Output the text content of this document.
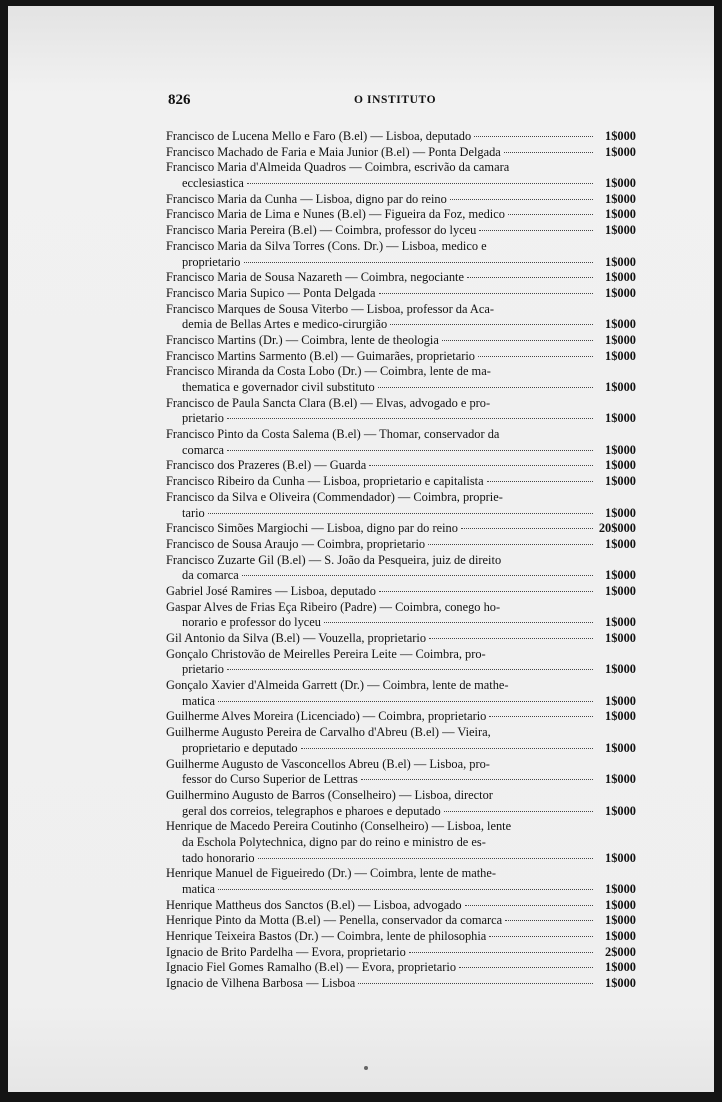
826	O INSTITUTO
Francisco de Lucena Mello e Faro (B.el) — Lisboa, deputado	1$000
Francisco Machado de Faria e Maia Junior (B.el) — Ponta Delgada	1$000
Francisco Maria d'Almeida Quadros — Coimbra, escrivão da camara
ecclesiastica	1$000
Francisco Maria da Cunha — Lisboa, digno par do reino	1$000
Francisco Maria de Lima e Nunes (B.el) — Figueira da Foz, medico	1$000
Francisco Maria Pereira (B.el) — Coimbra, professor do lyceu	1$000
Francisco Maria da Silva Torres (Cons. Dr.) — Lisboa, medico e
proprietario	1$000
Francisco Maria de Sousa Nazareth — Coimbra, negociante	1$000
Francisco Maria Supico — Ponta Delgada	1$000
Francisco Marques de Sousa Viterbo — Lisboa, professor da Aca-
demia de Bellas Artes e medico-cirurgião	1$000
Francisco Martins (Dr.) — Coimbra, lente de theologia	1$000
Francisco Martins Sarmento (B.el) — Guimarães, proprietario	1$000
Francisco Miranda da Costa Lobo (Dr.) — Coimbra, lente de ma-
thematica e governador civil substituto	1$000
Francisco de Paula Sancta Clara (B.el) — Elvas, advogado e pro-
prietario	1$000
Francisco Pinto da Costa Salema (B.el) — Thomar, conservador da
comarca	1$000
Francisco dos Prazeres (B.el) — Guarda	1$000
Francisco Ribeiro da Cunha — Lisboa, proprietario e capitalista	1$000
Francisco da Silva e Oliveira (Commendador) — Coimbra, proprie-
tario	1$000
Francisco Simões Margiochi — Lisboa, digno par do reino	20$000
Francisco de Sousa Araujo — Coimbra, proprietario	1$000
Francisco Zuzarte Gil (B.el) — S. João da Pesqueira, juiz de direito
da comarca	1$000
Gabriel José Ramires — Lisboa, deputado	1$000
Gaspar Alves de Frias Eça Ribeiro (Padre) — Coimbra, conego ho-
norario e professor do lyceu	1$000
Gil Antonio da Silva (B.el) — Vouzella, proprietario	1$000
Gonçalo Christovão de Meirelles Pereira Leite — Coimbra, pro-
prietario	1$000
Gonçalo Xavier d'Almeida Garrett (Dr.) — Coimbra, lente de mathe-
matica	1$000
Guilherme Alves Moreira (Licenciado) — Coimbra, proprietario	1$000
Guilherme Augusto Pereira de Carvalho d'Abreu (B.el) — Vieira,
proprietario e deputado	1$000
Guilherme Augusto de Vasconcellos Abreu (B.el) — Lisboa, pro-
fessor do Curso Superior de Lettras	1$000
Guilhermino Augusto de Barros (Conselheiro) — Lisboa, director
geral dos correios, telegraphos e pharoes e deputado	1$000
Henrique de Macedo Pereira Coutinho (Conselheiro) — Lisboa, lente
da Eschola Polytechnica, digno par do reino e ministro de es-
tado honorario	1$000
Henrique Manuel de Figueiredo (Dr.) — Coimbra, lente de mathe-
matica	1$000
Henrique Mattheus dos Sanctos (B.el) — Lisboa, advogado	1$000
Henrique Pinto da Motta (B.el) — Penella, conservador da comarca	1$000
Henrique Teixeira Bastos (Dr.) — Coimbra, lente de philosophia	1$000
Ignacio de Brito Pardelha — Evora, proprietario	2$000
Ignacio Fiel Gomes Ramalho (B.el) — Evora, proprietario	1$000
Ignacio de Vilhena Barbosa — Lisboa	1$000
